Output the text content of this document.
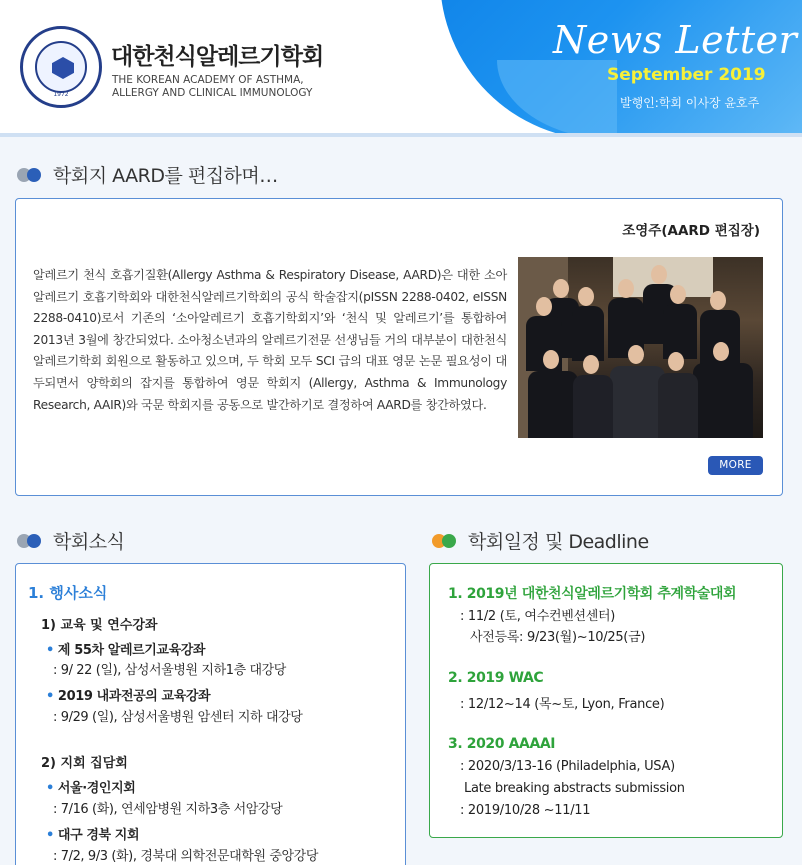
1972
대한천식알레르기학회
THE KOREAN ACADEMY OF ASTHMA,
ALLERGY AND CLINICAL IMMUNOLOGY
News Letter
September 2019
발행인:학회 이사장 윤호주
학회지 AARD를 편집하며…
조영주(AARD 편집장)
알레르기 천식 호흡기질환(Allergy Asthma & Respiratory Disease, AARD)은 대한 소아알레르기 호흡기학회와 대한천식알레르기학회의 공식 학술잡지(pISSN 2288-0402, eISSN 2288-0410)로서 기존의 ‘소아알레르기 호흡기학회지’와 ‘천식 및 알레르기’를 통합하여 2013년 3월에 창간되었다. 소아청소년과의 알레르기전문 선생님들 거의 대부분이 대한천식알레르기학회 회원으로 활동하고 있으며, 두 학회 모두 SCI 급의 대표 영문 논문 필요성이 대두되면서 양학회의 잡지를 통합하여 영문 학회지 (Allergy, Asthma & Immunology Research, AAIR)와 국문 학회지를 공동으로 발간하기로 결정하여 AARD를 창간하였다.
MORE
학회소식
1. 행사소식
1) 교육 및 연수강좌
• 제 55차 알레르기교육강좌
: 9/ 22 (일), 삼성서울병원 지하1층 대강당
• 2019 내과전공의 교육강좌
: 9/29 (일), 삼성서울병원 암센터 지하 대강당
2) 지회 집담회
• 서울·경인지회
: 7/16 (화), 연세암병원 지하3층 서암강당
• 대구 경북 지회
: 7/2, 9/3 (화), 경북대 의학전문대학원 중앙강당
학회일정 및 Deadline
1. 2019년 대한천식알레르기학회 추계학술대회
: 11/2 (토, 여수컨벤션센터)
사전등록: 9/23(월)~10/25(금)
2. 2019 WAC
: 12/12~14 (목~토, Lyon, France)
3. 2020 AAAAI
: 2020/3/13-16 (Philadelphia, USA)
Late breaking abstracts submission
: 2019/10/28 ~11/11
